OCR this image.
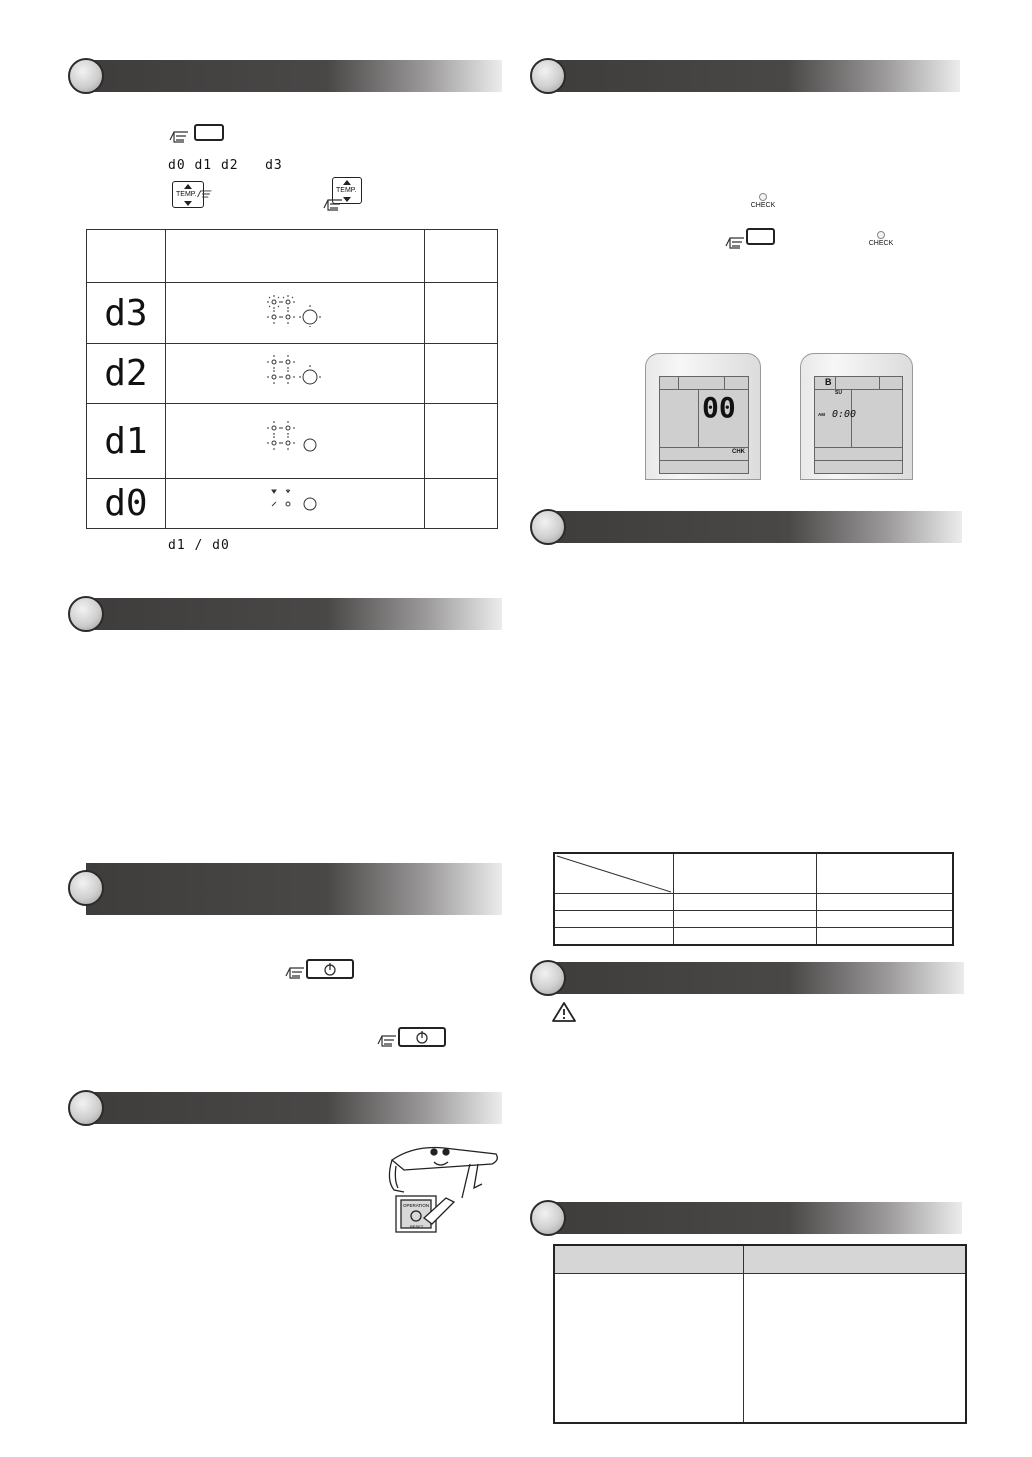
d0 d1 d2 d3
TEMP.
TEMP.

d3		
d2		
d1		
d0		
d1 / d0
OPERATION
RESET
CHECK
CHECK
00
CHK
B
SU
AM 0:00
